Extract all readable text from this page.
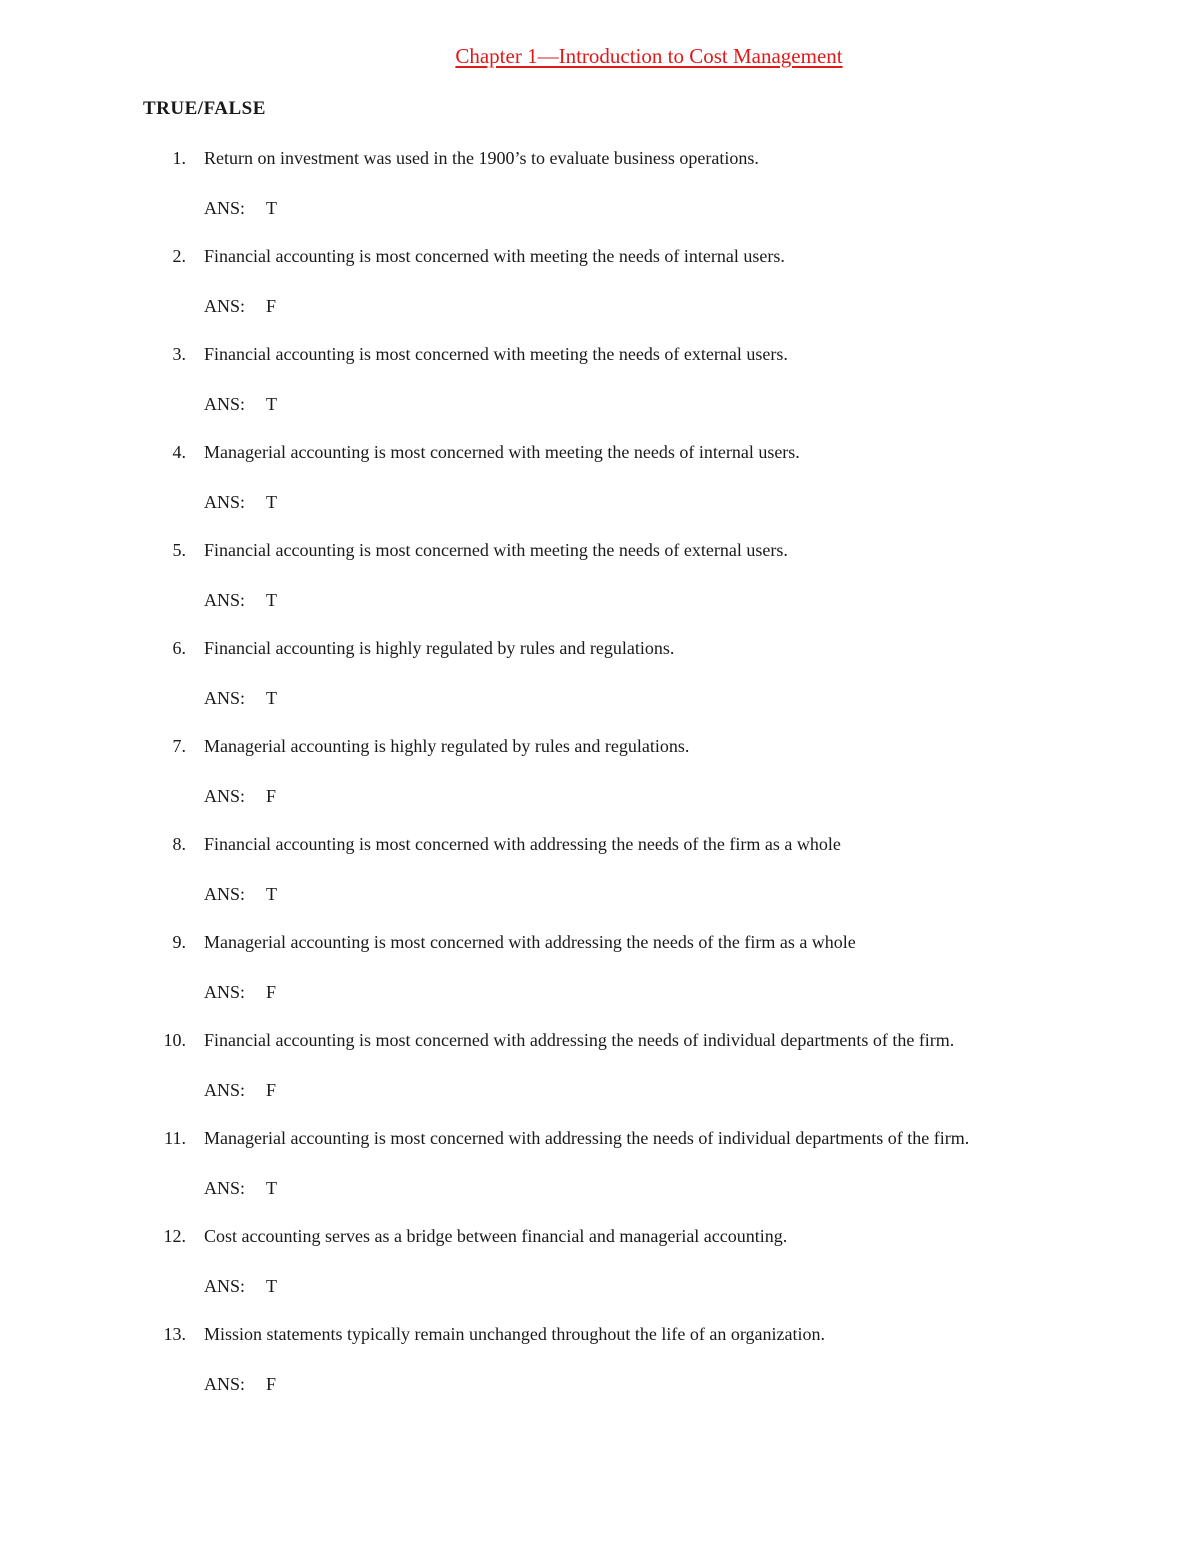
Chapter 1—Introduction to Cost Management
TRUE/FALSE
1. Return on investment was used in the 1900’s to evaluate business operations.
ANS: T
2. Financial accounting is most concerned with meeting the needs of internal users.
ANS: F
3. Financial accounting is most concerned with meeting the needs of external users.
ANS: T
4. Managerial accounting is most concerned with meeting the needs of internal users.
ANS: T
5. Financial accounting is most concerned with meeting the needs of external users.
ANS: T
6. Financial accounting is highly regulated by rules and regulations.
ANS: T
7. Managerial accounting is highly regulated by rules and regulations.
ANS: F
8. Financial accounting is most concerned with addressing the needs of the firm as a whole
ANS: T
9. Managerial accounting is most concerned with addressing the needs of the firm as a whole
ANS: F
10. Financial accounting is most concerned with addressing the needs of individual departments of the firm.
ANS: F
11. Managerial accounting is most concerned with addressing the needs of individual departments of the firm.
ANS: T
12. Cost accounting serves as a bridge between financial and managerial accounting.
ANS: T
13. Mission statements typically remain unchanged throughout the life of an organization.
ANS: F
